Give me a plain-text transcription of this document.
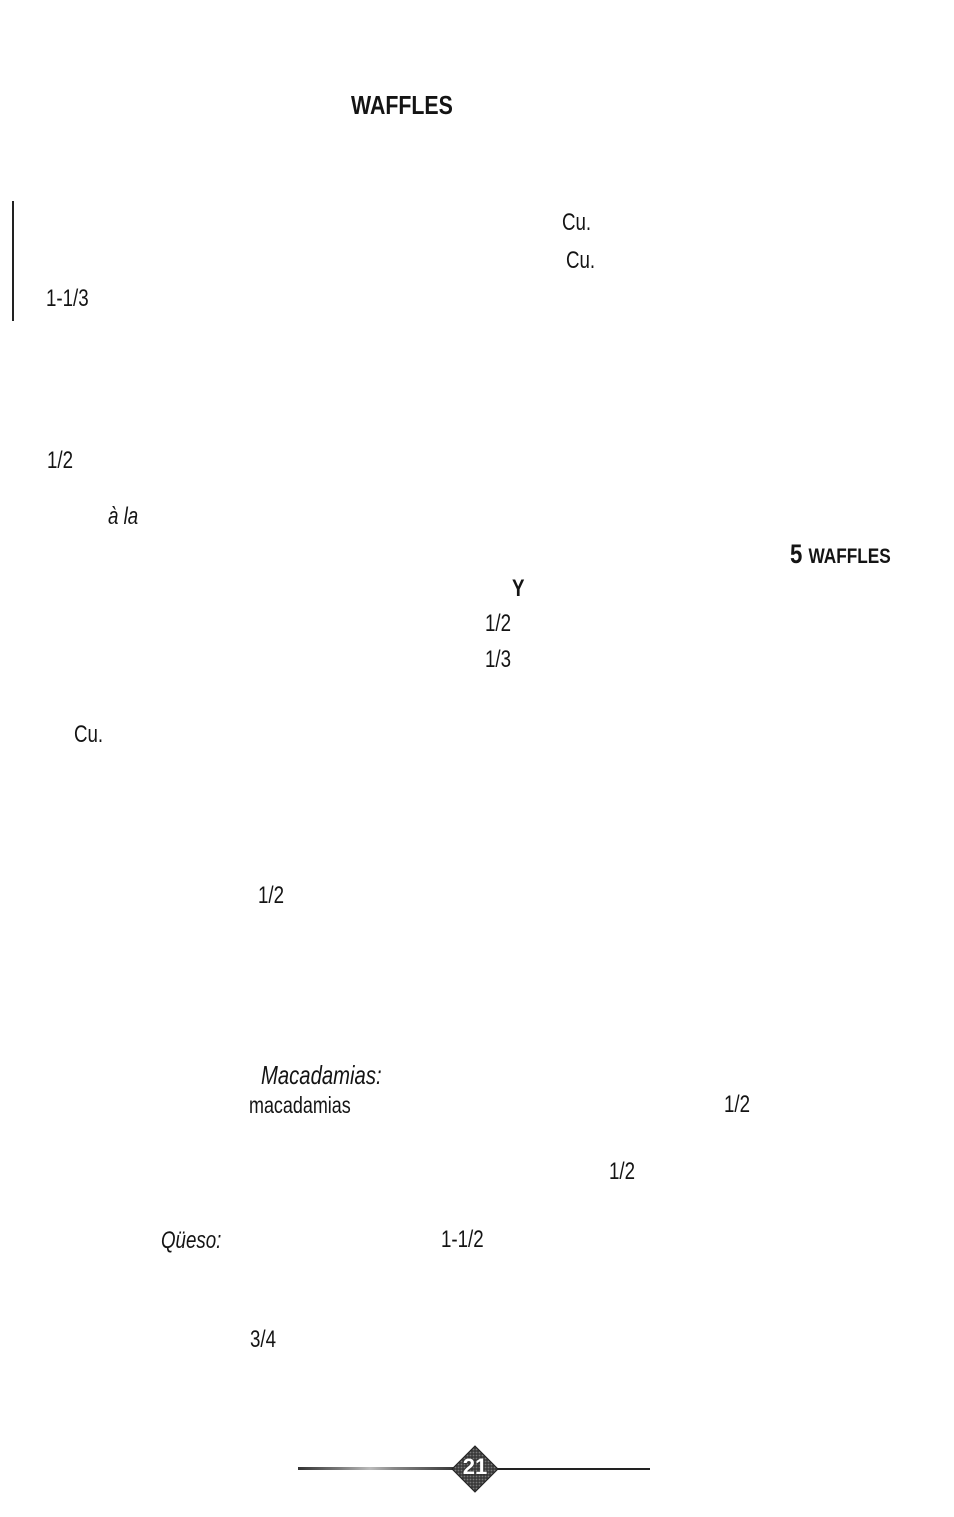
WAFFLES
Cu.
Cu.
1-1/3
1/2
à la
5 WAFFLES
Y
1/2
1/3
Cu.
1/2
Macadamias:
macadamias	1/2
1/2
Qüeso:	1-1/2
3/4
21
